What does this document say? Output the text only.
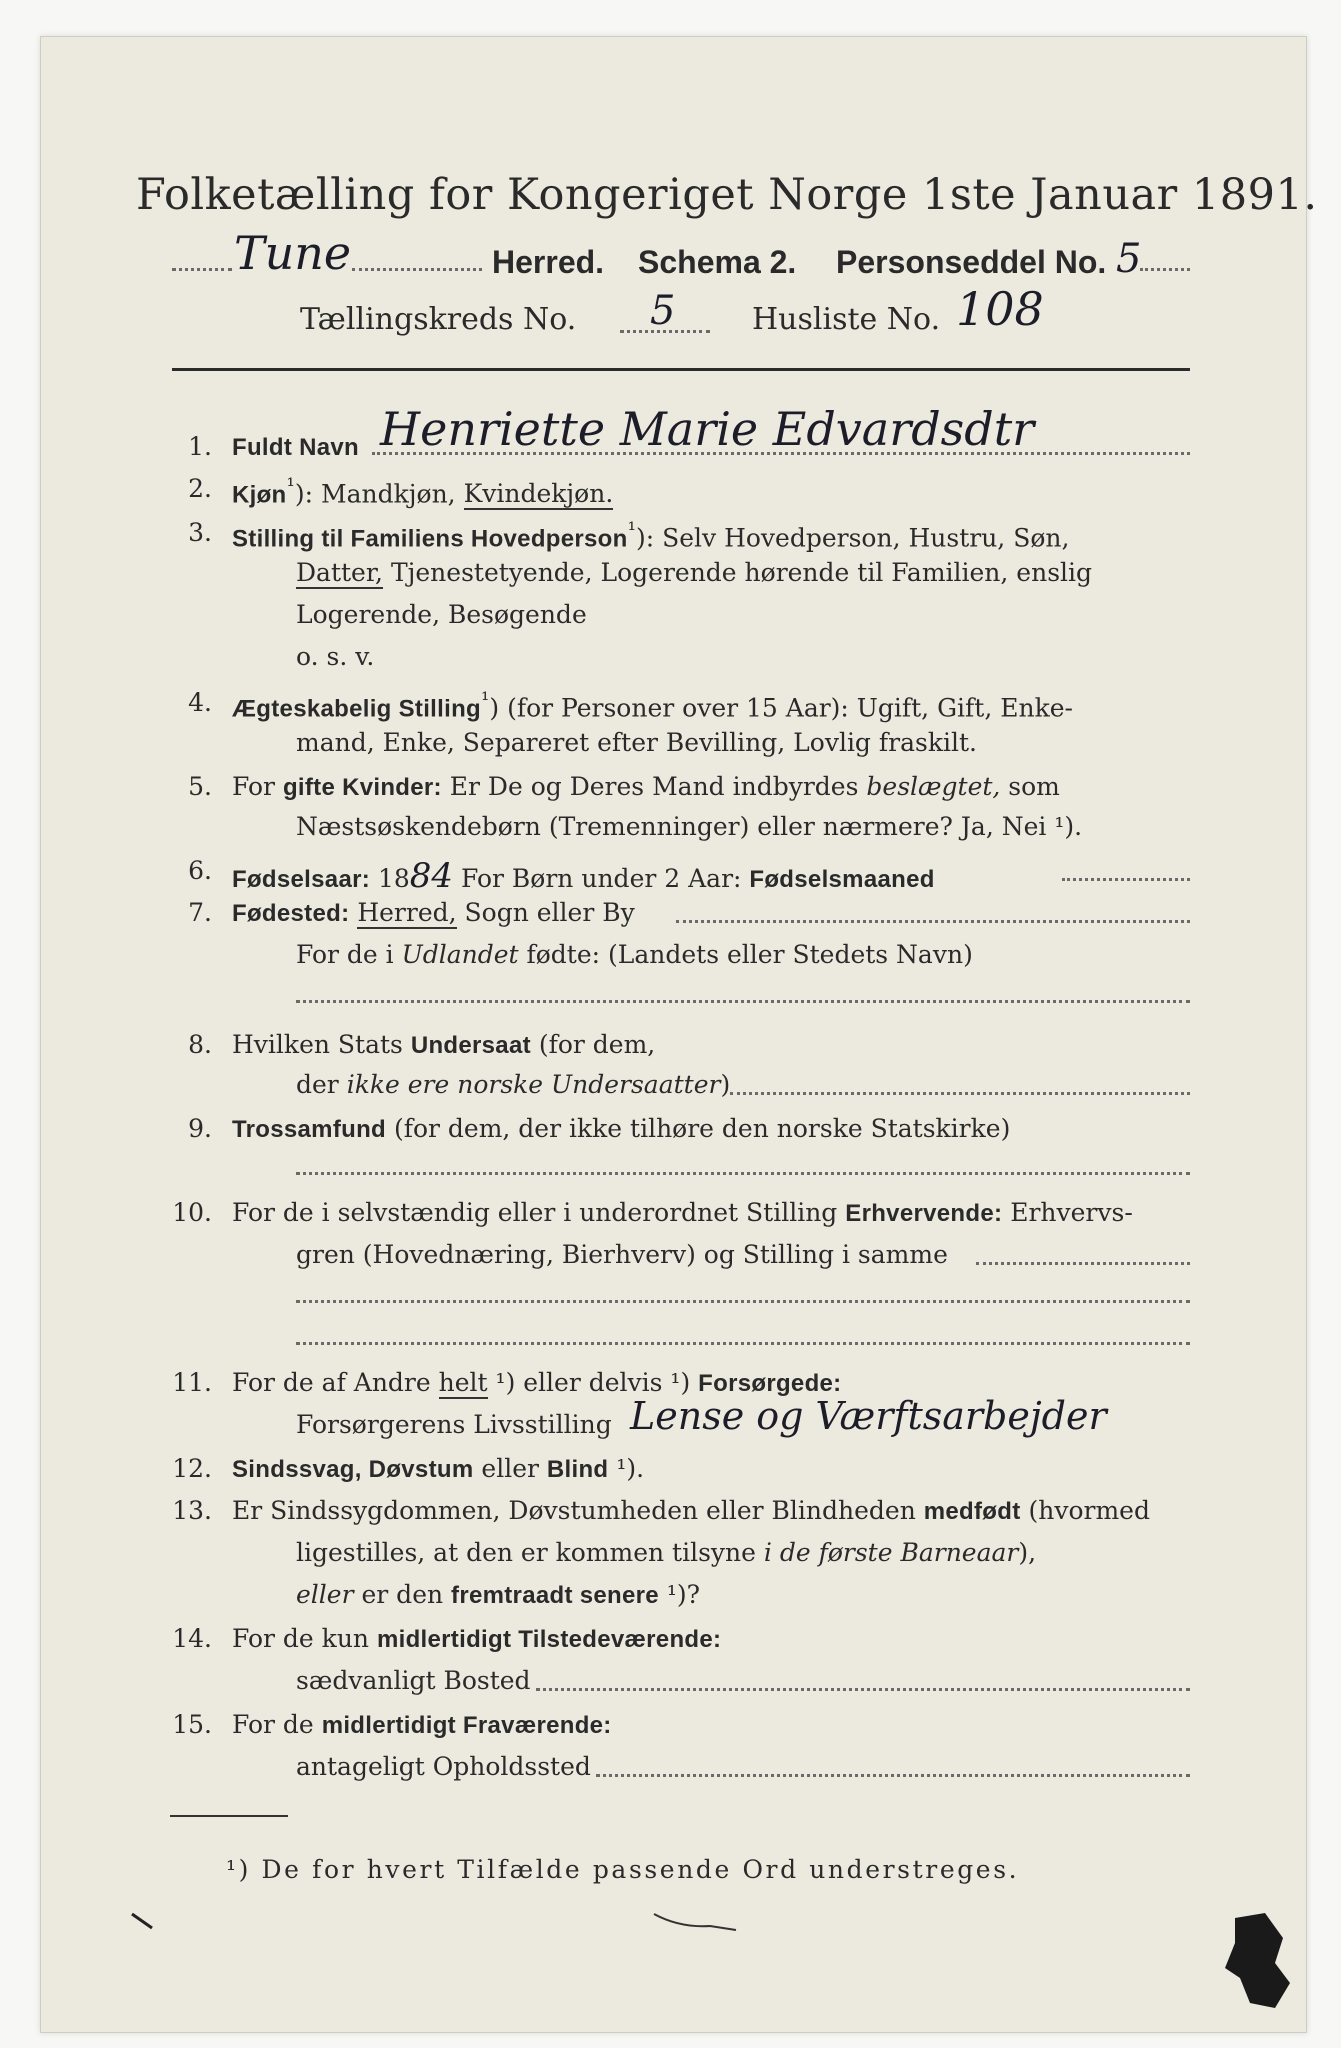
Folketælling for Kongeriget Norge 1ste Januar 1891.
Tune	Herred. Schema 2. Personseddel No. 5
Tællingskreds No. 5	Husliste No. 108
1. Fuldt Navn Henriette Marie Edvardsdtr
2. Kjøn$^{^1}$): Mandkjøn, Kvindekjøn.
3. Stilling til Familiens Hovedperson$^{^1}$): Selv Hovedperson, Hustru, Søn,
Datter, Tjenestetyende, Logerende hørende til Familien, enslig
Logerende, Besøgende
o. s. v.
4. Ægteskabelig Stilling$^{^1}$) (for Personer over 15 Aar): Ugift, Gift, Enke-
mand, Enke, Separeret efter Bevilling, Lovlig fraskilt.
5. For gifte Kvinder: Er De og Deres Mand indbyrdes beslægtet, som
Næstsøskendebørn (Tremenninger) eller nærmere? Ja, Nei ¹).
6. Fødselsaar: 1884 For Børn under 2 Aar: Fødselsmaaned
7. Fødested: Herred, Sogn eller By
For de i Udlandet fødte: (Landets eller Stedets Navn)
8. Hvilken Stats Undersaat (for dem,
der ikke ere norske Undersaatter)
9. Trossamfund (for dem, der ikke tilhøre den norske Statskirke)
10. For de i selvstændig eller i underordnet Stilling Erhvervende: Erhvervs-
gren (Hovednæring, Bierhverv) og Stilling i samme
11. For de af Andre helt ¹) eller delvis ¹) Forsørgede:
Forsørgerens Livsstilling Lense og Værftsarbejder
12. Sindssvag, Døvstum eller Blind ¹).
13. Er Sindssygdommen, Døvstumheden eller Blindheden medfødt (hvormed
ligestilles, at den er kommen tilsyne i de første Barneaar),
eller er den fremtraadt senere ¹)?
14. For de kun midlertidigt Tilstedeværende:
sædvanligt Bosted
15. For de midlertidigt Fraværende:
antageligt Opholdssted
¹) De for hvert Tilfælde passende Ord understreges.
